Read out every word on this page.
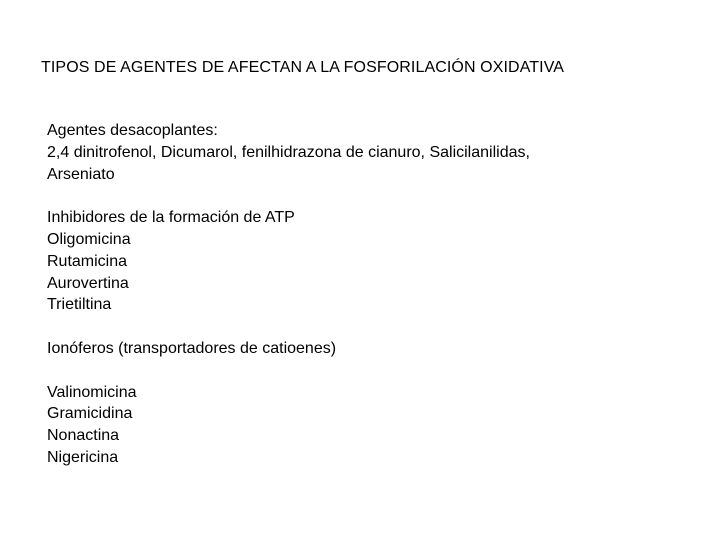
TIPOS DE AGENTES DE AFECTAN A LA FOSFORILACIÓN OXIDATIVA
Agentes desacoplantes:
2,4 dinitrofenol, Dicumarol, fenilhidrazona de cianuro, Salicilanilidas,
Arseniato
Inhibidores de la formación de ATP
Oligomicina
Rutamicina
Aurovertina
Trietiltina
Ionóferos (transportadores de catioenes)
Valinomicina
Gramicidina
Nonactina
Nigericina
